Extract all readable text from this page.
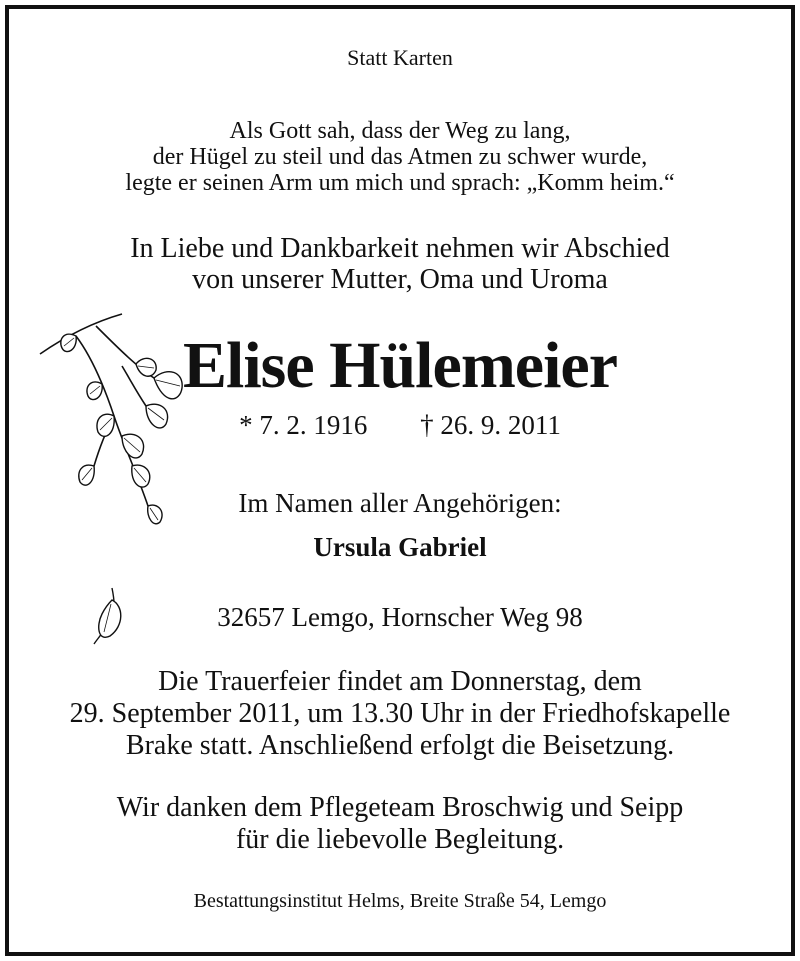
Statt Karten
Als Gott sah, dass der Weg zu lang,
der Hügel zu steil und das Atmen zu schwer wurde,
legte er seinen Arm um mich und sprach: „Komm heim.“
In Liebe und Dankbarkeit nehmen wir Abschied
von unserer Mutter, Oma und Uroma
Elise Hülemeier
* 7. 2. 1916 † 26. 9. 2011
Im Namen aller Angehörigen:
Ursula Gabriel
32657 Lemgo, Hornscher Weg 98
Die Trauerfeier findet am Donnerstag, dem
29. September 2011, um 13.30 Uhr in der Friedhofskapelle
Brake statt. Anschließend erfolgt die Beisetzung.
Wir danken dem Pflegeteam Broschwig und Seipp
für die liebevolle Begleitung.
Bestattungsinstitut Helms, Breite Straße 54, Lemgo
